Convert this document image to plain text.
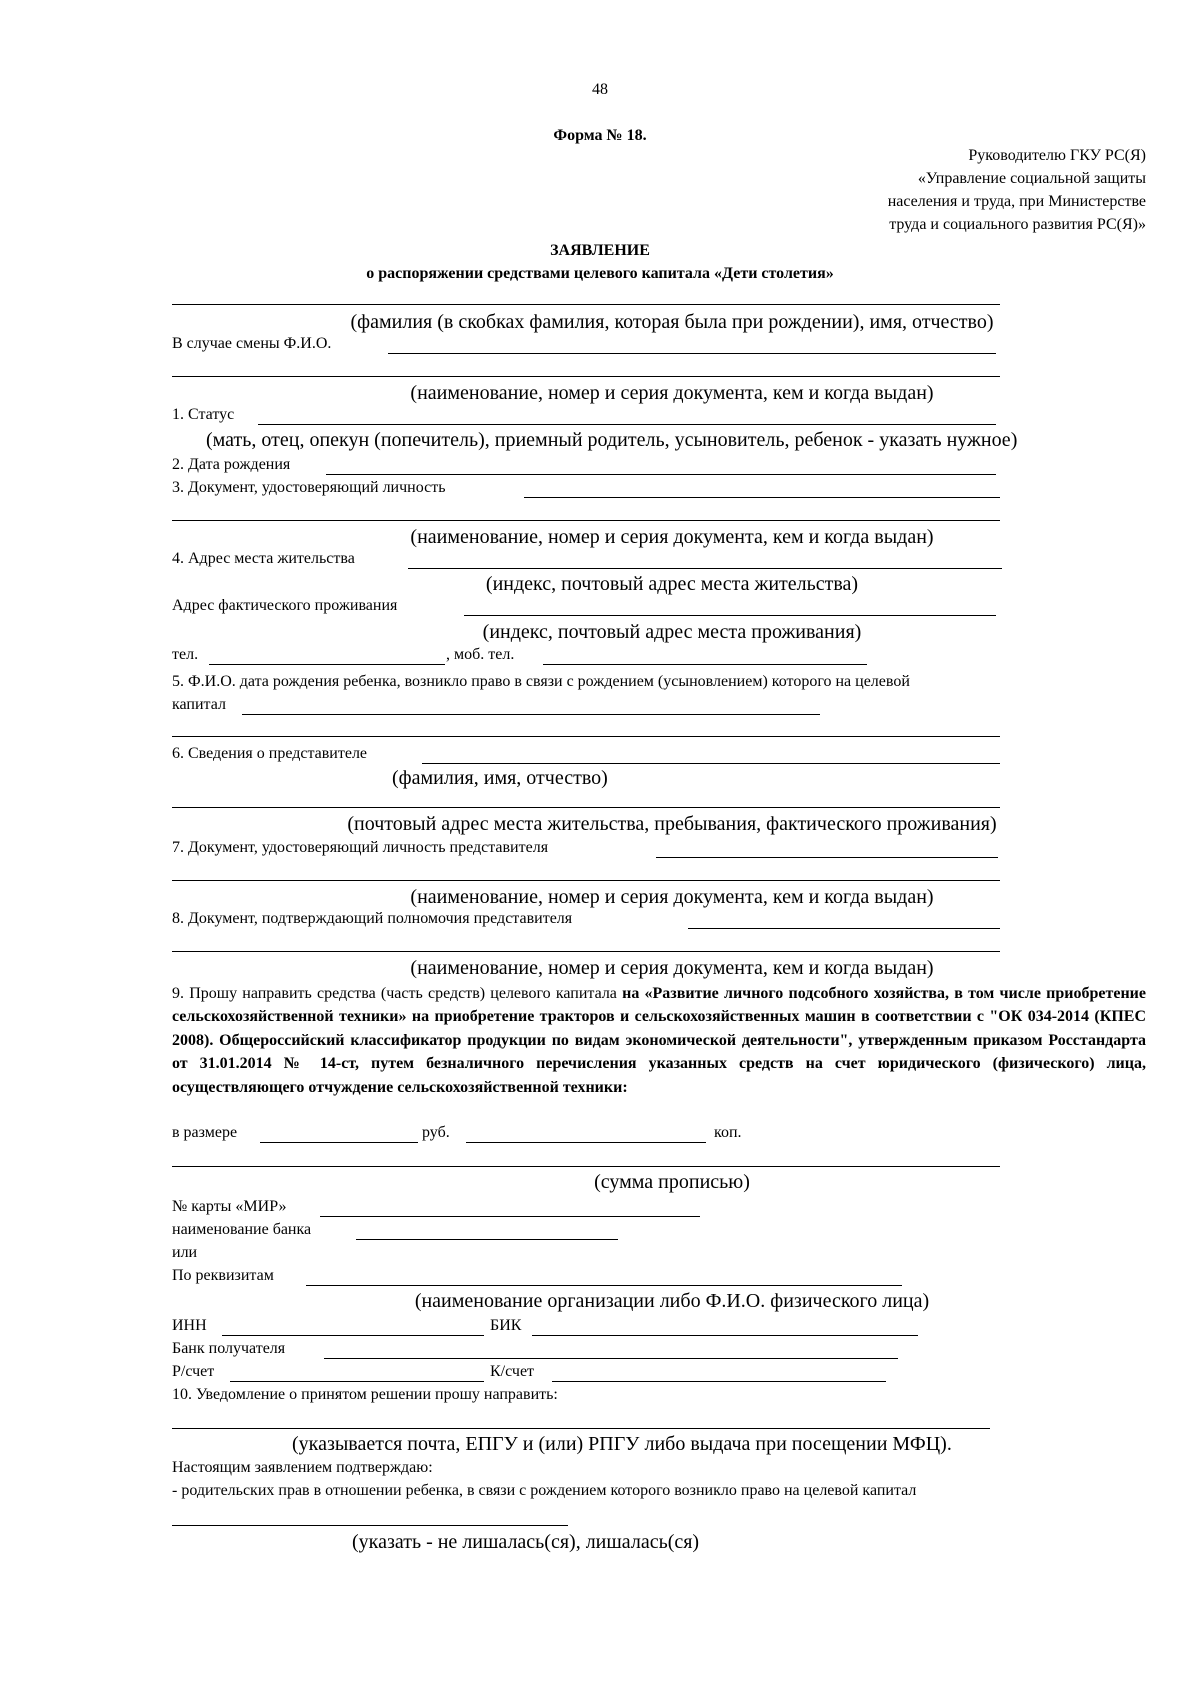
48
Форма № 18.
Руководителю ГКУ РС(Я)
«Управление социальной защиты
населения и труда, при Министерстве
труда и социального развития РС(Я)»
ЗАЯВЛЕНИЕ
о распоряжении средствами целевого капитала «Дети столетия»
(фамилия (в скобках фамилия, которая была при рождении), имя, отчество)
В случае смены Ф.И.О.
(наименование, номер и серия документа, кем и когда выдан)
1. Статус
(мать, отец, опекун (попечитель), приемный родитель, усыновитель, ребенок - указать нужное)
2. Дата рождения
3. Документ, удостоверяющий личность
(наименование, номер и серия документа, кем и когда выдан)
4. Адрес места жительства
(индекс, почтовый адрес места жительства)
Адрес фактического проживания
(индекс, почтовый адрес места проживания)
тел.	, моб. тел.
5. Ф.И.О. дата рождения ребенка, возникло право в связи с рождением (усыновлением) которого на целевой
капитал
6. Сведения о представителе
(фамилия, имя, отчество)
(почтовый адрес места жительства, пребывания, фактического проживания)
7. Документ, удостоверяющий личность представителя
(наименование, номер и серия документа, кем и когда выдан)
8. Документ, подтверждающий полномочия представителя
(наименование, номер и серия документа, кем и когда выдан)
9. Прошу направить средства (часть средств) целевого капитала на «Развитие личного подсобного хозяйства, в том числе приобретение сельскохозяйственной техники» на приобретение тракторов и сельскохозяйственных машин в соответствии с "ОК 034-2014 (КПЕС 2008). Общероссийский классификатор продукции по видам экономической деятельности", утвержденным приказом Росстандарта от 31.01.2014 № 14-ст, путем безналичного перечисления указанных средств на счет юридического (физического) лица, осуществляющего отчуждение сельскохозяйственной техники:
в размере	руб.	коп.
(сумма прописью)
№ карты «МИР»
наименование банка
или
По реквизитам
(наименование организации либо Ф.И.О. физического лица)
ИНН	БИК
Банк получателя
Р/счет	К/счет
10. Уведомление о принятом решении прошу направить:
(указывается почта, ЕПГУ и (или) РПГУ либо выдача при посещении МФЦ).
Настоящим заявлением подтверждаю:
- родительских прав в отношении ребенка, в связи с рождением которого возникло право на целевой капитал
(указать - не лишалась(ся), лишалась(ся)
